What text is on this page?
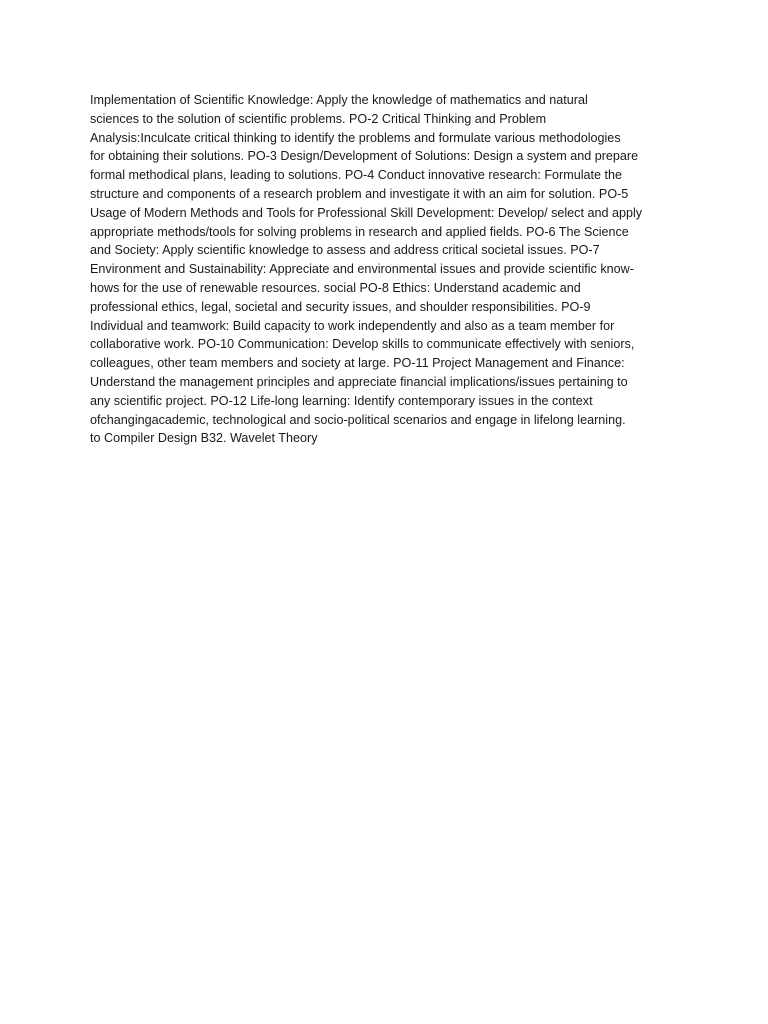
Implementation of Scientific Knowledge: Apply the knowledge of mathematics and natural
sciences to the solution of scientific problems. PO-2 Critical Thinking and Problem
Analysis:Inculcate critical thinking to identify the problems and formulate various methodologies
for obtaining their solutions. PO-3 Design/Development of Solutions: Design a system and prepare
formal methodical plans, leading to solutions. PO-4 Conduct innovative research: Formulate the
structure and components of a research problem and investigate it with an aim for solution. PO-5
Usage of Modern Methods and Tools for Professional Skill Development: Develop/ select and apply
appropriate methods/tools for solving problems in research and applied fields. PO-6 The Science
and Society: Apply scientific knowledge to assess and address critical societal issues. PO-7
Environment and Sustainability: Appreciate and environmental issues and provide scientific know-
hows for the use of renewable resources. social PO-8 Ethics: Understand academic and
professional ethics, legal, societal and security issues, and shoulder responsibilities. PO-9
Individual and teamwork: Build capacity to work independently and also as a team member for
collaborative work. PO-10 Communication: Develop skills to communicate effectively with seniors,
colleagues, other team members and society at large. PO-11 Project Management and Finance:
Understand the management principles and appreciate financial implications/issues pertaining to
any scientific project. PO-12 Life-long learning: Identify contemporary issues in the context
ofchangingacademic, technological and socio-political scenarios and engage in lifelong learning.
to Compiler Design B32. Wavelet Theory
